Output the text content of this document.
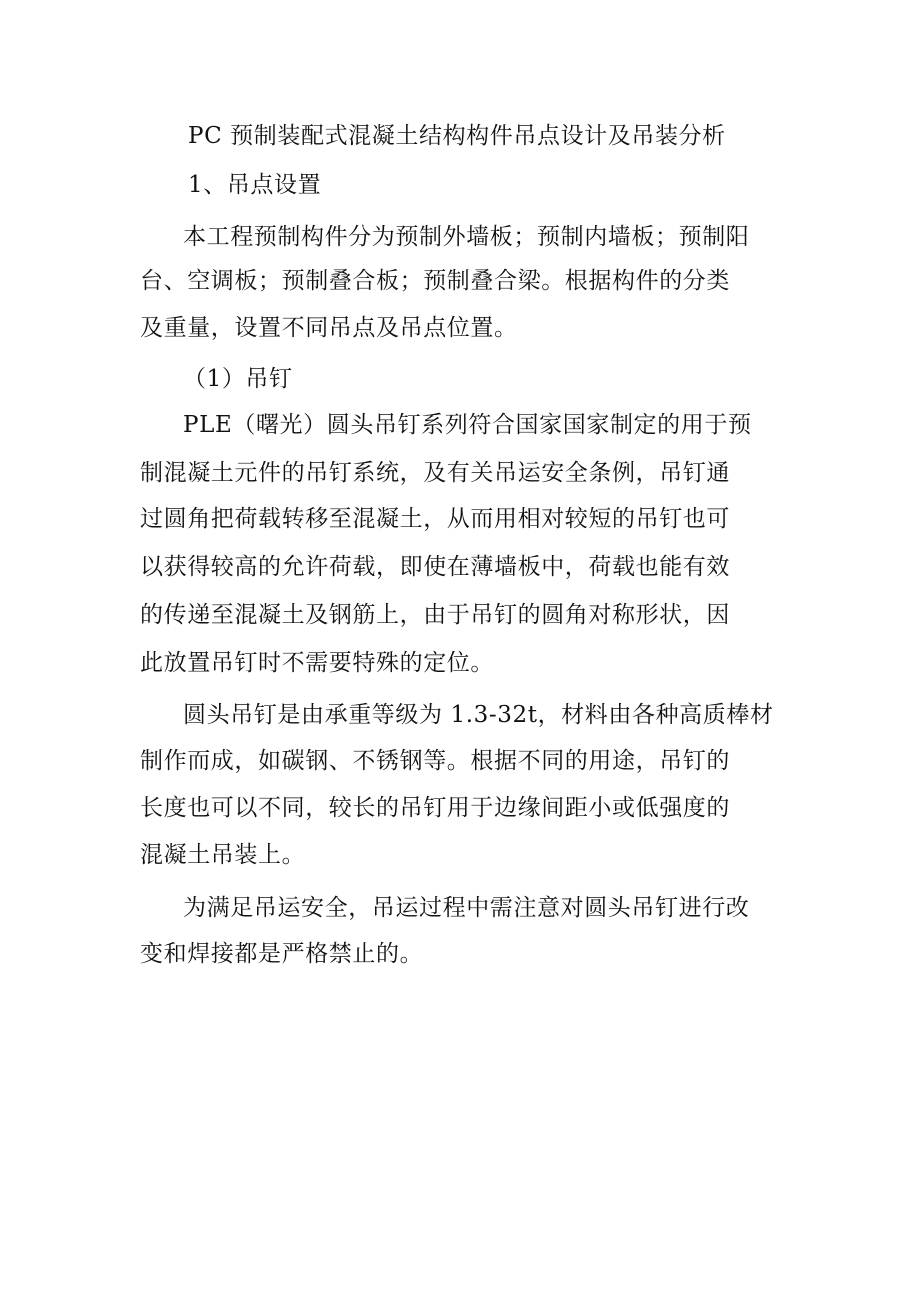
PC 预制装配式混凝土结构构件吊点设计及吊装分析
1、吊点设置
本工程预制构件分为预制外墙板；预制内墙板；预制阳
台、空调板；预制叠合板；预制叠合梁。根据构件的分类
及重量，设置不同吊点及吊点位置。
（1）吊钉
PLE（曙光）圆头吊钉系列符合国家国家制定的用于预
制混凝土元件的吊钉系统，及有关吊运安全条例，吊钉通
过圆角把荷载转移至混凝土，从而用相对较短的吊钉也可
以获得较高的允许荷载，即使在薄墙板中，荷载也能有效
的传递至混凝土及钢筋上，由于吊钉的圆角对称形状，因
此放置吊钉时不需要特殊的定位。
圆头吊钉是由承重等级为 1.3-32t，材料由各种高质棒材
制作而成，如碳钢、不锈钢等。根据不同的用途，吊钉的
长度也可以不同，较长的吊钉用于边缘间距小或低强度的
混凝土吊装上。
为满足吊运安全，吊运过程中需注意对圆头吊钉进行改
变和焊接都是严格禁止的。
